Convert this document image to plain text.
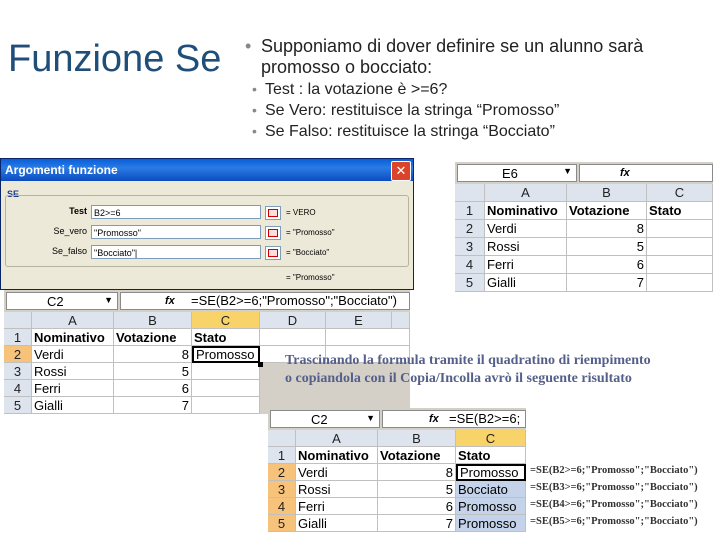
Funzione Se • Supponiamo di dover definire se un alunno sarà promosso o bocciato:
• Test : la votazione è >=6?
• Se Vero: restituisce la stringa “Promosso”
• Se Falso: restituisce la stringa “Bocciato”
Argomenti funzione	✕
SE
Test B2>=6	= VERO
Se_vero "Promosso"	= "Promosso"
Se_falso "Bocciato"|	= "Bocciato"
= "Promosso"
E6	▼	fx
A	B	C
1	Nominativo Votazione	Stato
2	Verdi	8
3	Rossi	5
4	Ferri	6
5	Gialli	7
C2	▼	fx =SE(B2>=6;"Promosso";"Bocciato")
A	B	C	D	E
1 Nominativo Votazione	Stato
2 Verdi	8 Promosso
3 Rossi	5
4 Ferri	6
5 Gialli	7
Trascinando la formula tramite il quadratino di riempimento
o copiandola con il Copia/Incolla avrò il seguente risultato
C2	▼	fx =SE(B2>=6;
A	B	C
1 Nominativo Votazione	Stato
2 Verdi	8 Promosso
3 Rossi	5 Bocciato
4 Ferri	6 Promosso
5 Gialli	7 Promosso
=SE(B2>=6;"Promosso";"Bocciato")
=SE(B3>=6;"Promosso";"Bocciato")
=SE(B4>=6;"Promosso";"Bocciato")
=SE(B5>=6;"Promosso";"Bocciato")
